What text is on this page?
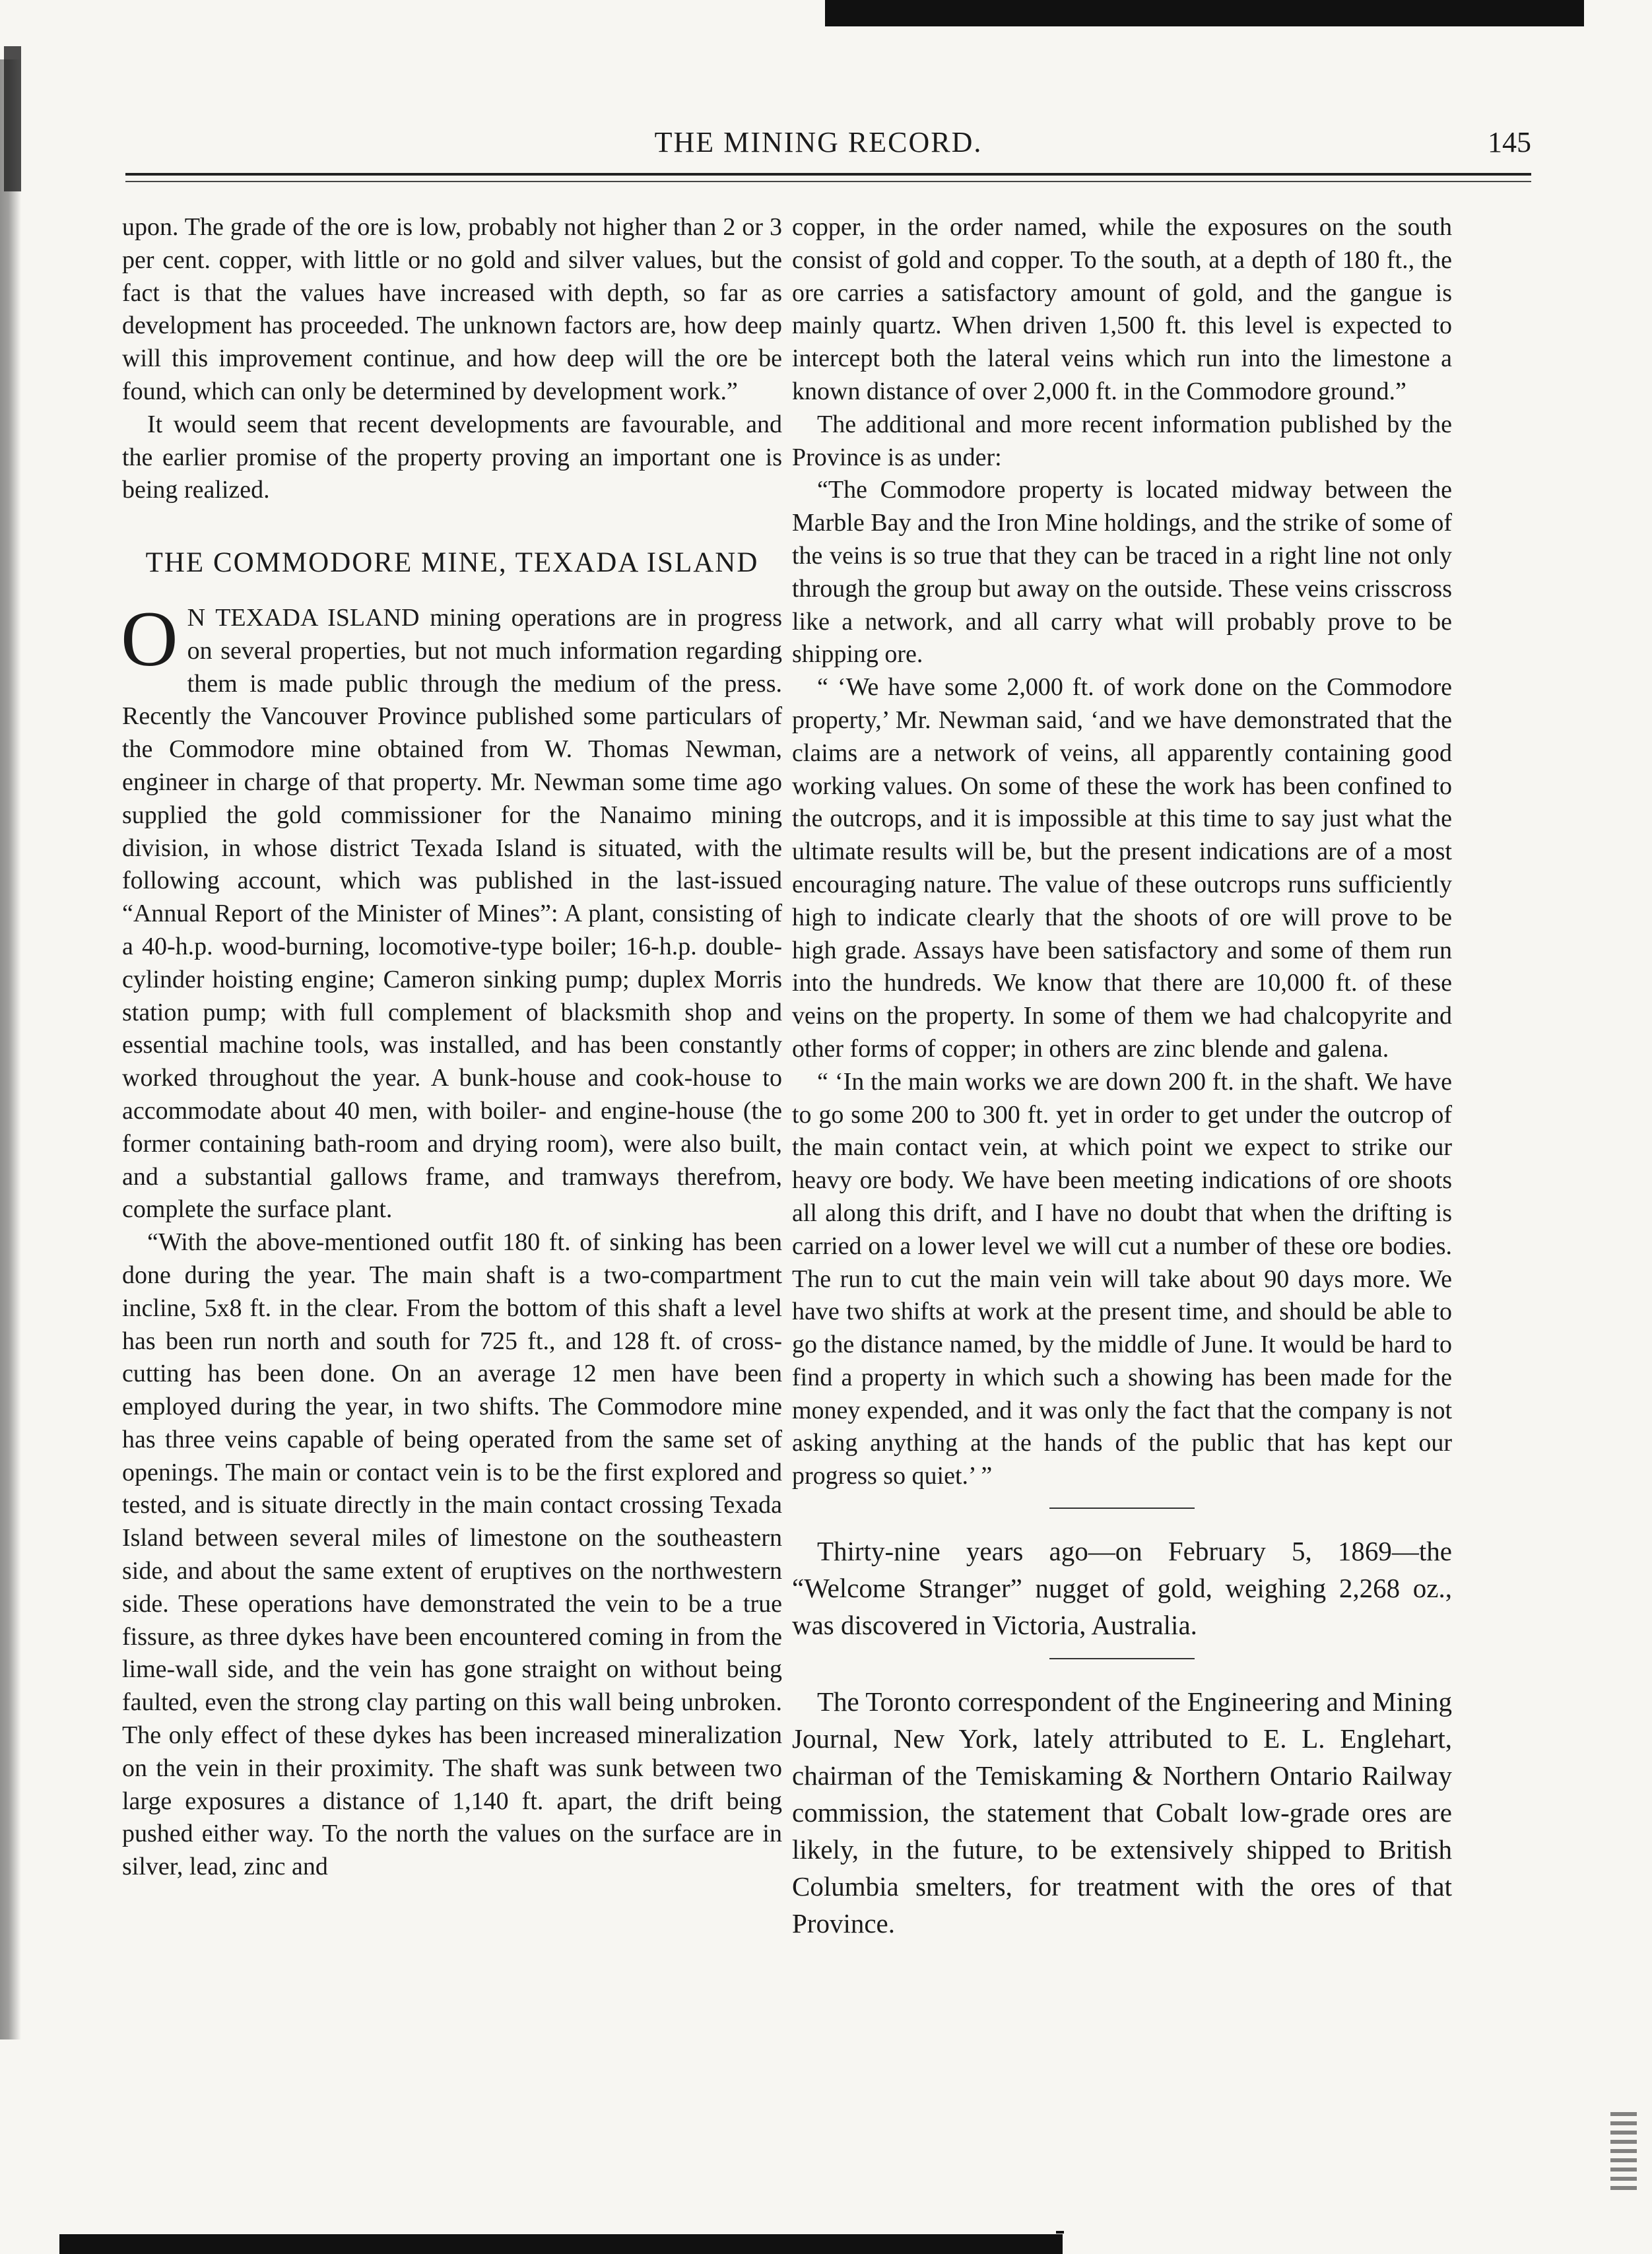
THE MINING RECORD.	145

upon. The grade of the ore is low, probably not higher than 2 or 3 per cent. copper, with little or no gold and silver values, but the fact is that the values have increased with depth, so far as development has proceeded. The unknown factors are, how deep will this improvement continue, and how deep will the ore be found, which can only be determined by development work.”

It would seem that recent developments are favourable, and the earlier promise of the property proving an important one is being realized.

THE COMMODORE MINE, TEXADA ISLAND

O N TEXADA ISLAND mining operations are in progress on several properties, but not much information regarding them is made public through the medium of the press. Recently the Vancouver Province published some particulars of the Commodore mine obtained from W. Thomas Newman, engineer in charge of that property. Mr. Newman some time ago supplied the gold commissioner for the Nanaimo mining division, in whose district Texada Island is situated, with the following account, which was published in the last-issued “Annual Report of the Minister of Mines”: A plant, consisting of a 40-h.p. wood-burning, locomotive-type boiler; 16-h.p. double-cylinder hoisting engine; Cameron sinking pump; duplex Morris station pump; with full complement of blacksmith shop and essential machine tools, was installed, and has been constantly worked throughout the year. A bunk-house and cook-house to accommodate about 40 men, with boiler- and engine-house (the former containing bath-room and drying room), were also built, and a substantial gallows frame, and tramways therefrom, complete the surface plant.

“With the above-mentioned outfit 180 ft. of sinking has been done during the year. The main shaft is a two-compartment incline, 5x8 ft. in the clear. From the bottom of this shaft a level has been run north and south for 725 ft., and 128 ft. of cross-cutting has been done. On an average 12 men have been employed during the year, in two shifts. The Commodore mine has three veins capable of being operated from the same set of openings. The main or contact vein is to be the first explored and tested, and is situate directly in the main contact crossing Texada Island between several miles of limestone on the southeastern side, and about the same extent of eruptives on the northwestern side. These operations have demonstrated the vein to be a true fissure, as three dykes have been encountered coming in from the lime-wall side, and the vein has gone straight on without being faulted, even the strong clay parting on this wall being unbroken. The only effect of these dykes has been increased mineralization on the vein in their proximity. The shaft was sunk between two large exposures a distance of 1,140 ft. apart, the drift being pushed either way. To the north the values on the surface are in silver, lead, zinc and

copper, in the order named, while the exposures on the south consist of gold and copper. To the south, at a depth of 180 ft., the ore carries a satisfactory amount of gold, and the gangue is mainly quartz. When driven 1,500 ft. this level is expected to intercept both the lateral veins which run into the limestone a known distance of over 2,000 ft. in the Commodore ground.”

The additional and more recent information published by the Province is as under:

“The Commodore property is located midway between the Marble Bay and the Iron Mine holdings, and the strike of some of the veins is so true that they can be traced in a right line not only through the group but away on the outside. These veins crisscross like a network, and all carry what will probably prove to be shipping ore.

“ ‘We have some 2,000 ft. of work done on the Commodore property,’ Mr. Newman said, ‘and we have demonstrated that the claims are a network of veins, all apparently containing good working values. On some of these the work has been confined to the outcrops, and it is impossible at this time to say just what the ultimate results will be, but the present indications are of a most encouraging nature. The value of these outcrops runs sufficiently high to indicate clearly that the shoots of ore will prove to be high grade. Assays have been satisfactory and some of them run into the hundreds. We know that there are 10,000 ft. of these veins on the property. In some of them we had chalcopyrite and other forms of copper; in others are zinc blende and galena.

“ ‘In the main works we are down 200 ft. in the shaft. We have to go some 200 to 300 ft. yet in order to get under the outcrop of the main contact vein, at which point we expect to strike our heavy ore body. We have been meeting indications of ore shoots all along this drift, and I have no doubt that when the drifting is carried on a lower level we will cut a number of these ore bodies. The run to cut the main vein will take about 90 days more. We have two shifts at work at the present time, and should be able to go the distance named, by the middle of June. It would be hard to find a property in which such a showing has been made for the money expended, and it was only the fact that the company is not asking anything at the hands of the public that has kept our progress so quiet.’ ”

Thirty-nine years ago—on February 5, 1869—the “Welcome Stranger” nugget of gold, weighing 2,268 oz., was discovered in Victoria, Australia.

The Toronto correspondent of the Engineering and Mining Journal, New York, lately attributed to E. L. Englehart, chairman of the Temiskaming & Northern Ontario Railway commission, the statement that Cobalt low-grade ores are likely, in the future, to be extensively shipped to British Columbia smelters, for treatment with the ores of that Province.
